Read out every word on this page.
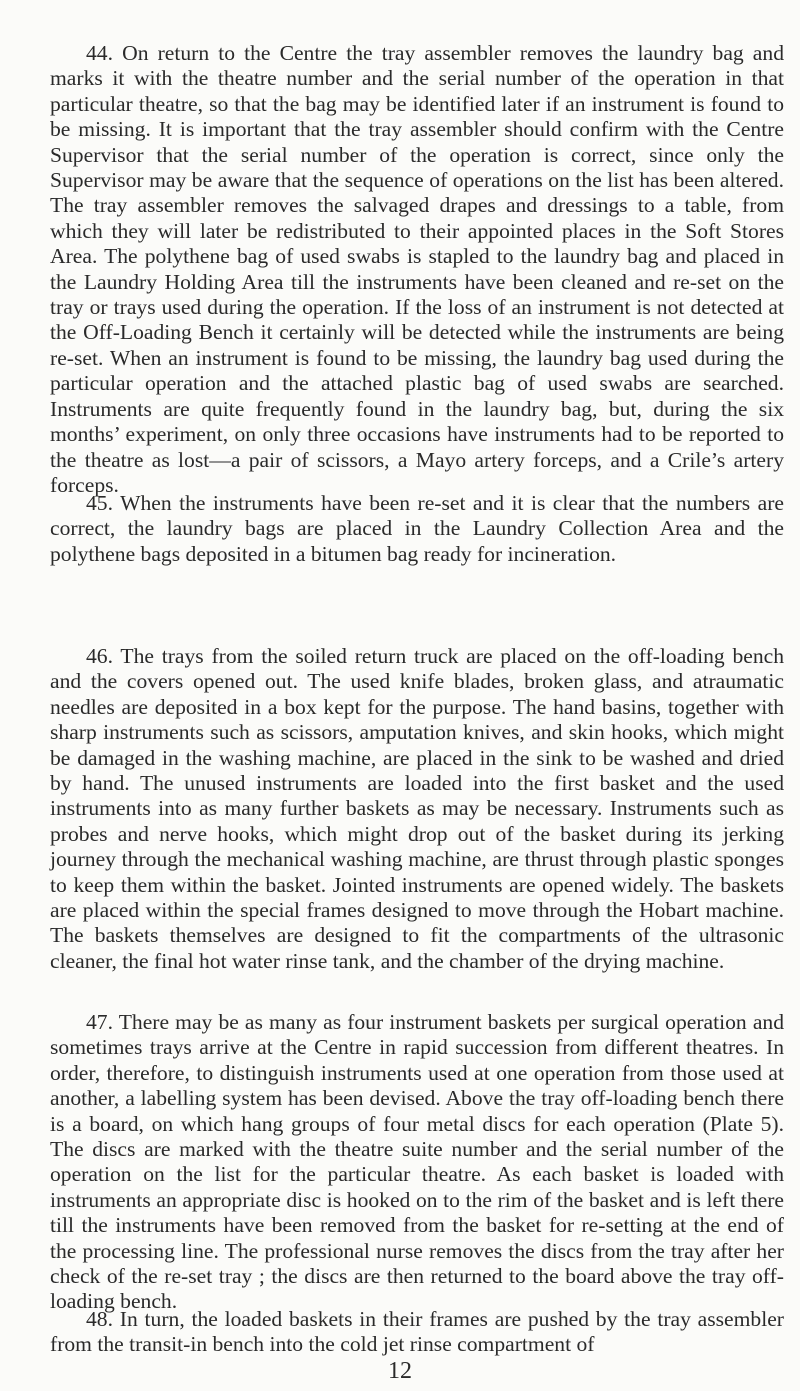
44. On return to the Centre the tray assembler removes the laundry bag and marks it with the theatre number and the serial number of the operation in that particular theatre, so that the bag may be identified later if an instrument is found to be missing. It is important that the tray assembler should confirm with the Centre Supervisor that the serial number of the operation is correct, since only the Supervisor may be aware that the sequence of operations on the list has been altered. The tray assembler removes the salvaged drapes and dressings to a table, from which they will later be redistributed to their appointed places in the Soft Stores Area. The polythene bag of used swabs is stapled to the laundry bag and placed in the Laundry Holding Area till the instruments have been cleaned and re-set on the tray or trays used during the operation. If the loss of an instrument is not detected at the Off-Loading Bench it certainly will be detected while the instruments are being re-set. When an instrument is found to be missing, the laundry bag used during the particular operation and the attached plastic bag of used swabs are searched. Instruments are quite frequently found in the laundry bag, but, during the six months’ experiment, on only three occasions have instruments had to be reported to the theatre as lost—a pair of scissors, a Mayo artery forceps, and a Crile’s artery forceps.

45. When the instruments have been re-set and it is clear that the numbers are correct, the laundry bags are placed in the Laundry Collection Area and the polythene bags deposited in a bitumen bag ready for incineration.

46. The trays from the soiled return truck are placed on the off-loading bench and the covers opened out. The used knife blades, broken glass, and atraumatic needles are deposited in a box kept for the purpose. The hand basins, together with sharp instruments such as scissors, amputation knives, and skin hooks, which might be damaged in the washing machine, are placed in the sink to be washed and dried by hand. The unused instruments are loaded into the first basket and the used instruments into as many further baskets as may be necessary. Instruments such as probes and nerve hooks, which might drop out of the basket during its jerking journey through the mechanical washing machine, are thrust through plastic sponges to keep them within the basket. Jointed instruments are opened widely. The baskets are placed within the special frames designed to move through the Hobart machine. The baskets themselves are designed to fit the compartments of the ultrasonic cleaner, the final hot water rinse tank, and the chamber of the drying machine.

47. There may be as many as four instrument baskets per surgical operation and sometimes trays arrive at the Centre in rapid succession from different theatres. In order, therefore, to distinguish instruments used at one operation from those used at another, a labelling system has been devised. Above the tray off-loading bench there is a board, on which hang groups of four metal discs for each operation (Plate 5). The discs are marked with the theatre suite number and the serial number of the operation on the list for the particular theatre. As each basket is loaded with instruments an appropriate disc is hooked on to the rim of the basket and is left there till the instruments have been removed from the basket for re-setting at the end of the processing line. The professional nurse removes the discs from the tray after her check of the re-set tray ; the discs are then returned to the board above the tray off-loading bench.

48. In turn, the loaded baskets in their frames are pushed by the tray assembler from the transit-in bench into the cold jet rinse compartment of

12
